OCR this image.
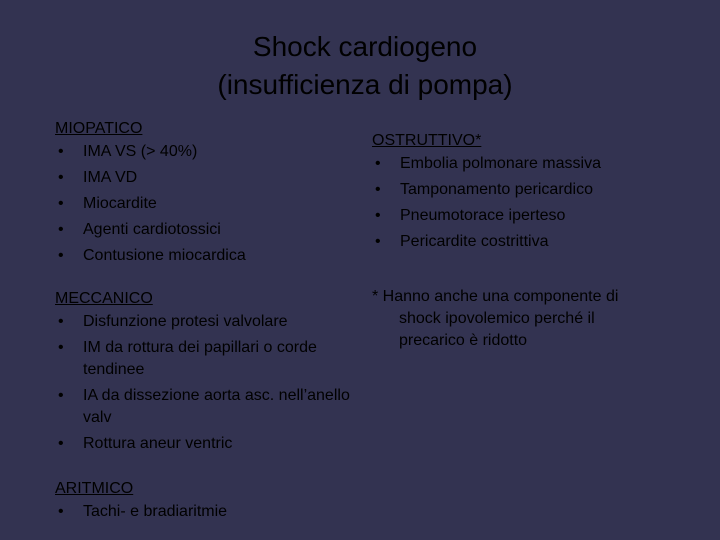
Shock cardiogeno
(insufficienza di pompa)
MIOPATICO
• IMA VS (> 40%)
• IMA VD
• Miocardite
• Agenti cardiotossici
• Contusione miocardica
MECCANICO
• Disfunzione protesi valvolare
• IM da rottura dei papillari o corde tendinee
• IA da dissezione aorta asc. nell’anello valv
• Rottura aneur ventric
ARITMICO
• Tachi- e bradiaritmie
OSTRUTTIVO*
• Embolia polmonare massiva
• Tamponamento pericardico
• Pneumotorace iperteso
• Pericardite costrittiva
* Hanno anche una componente di
shock ipovolemico perché il
precarico è ridotto
